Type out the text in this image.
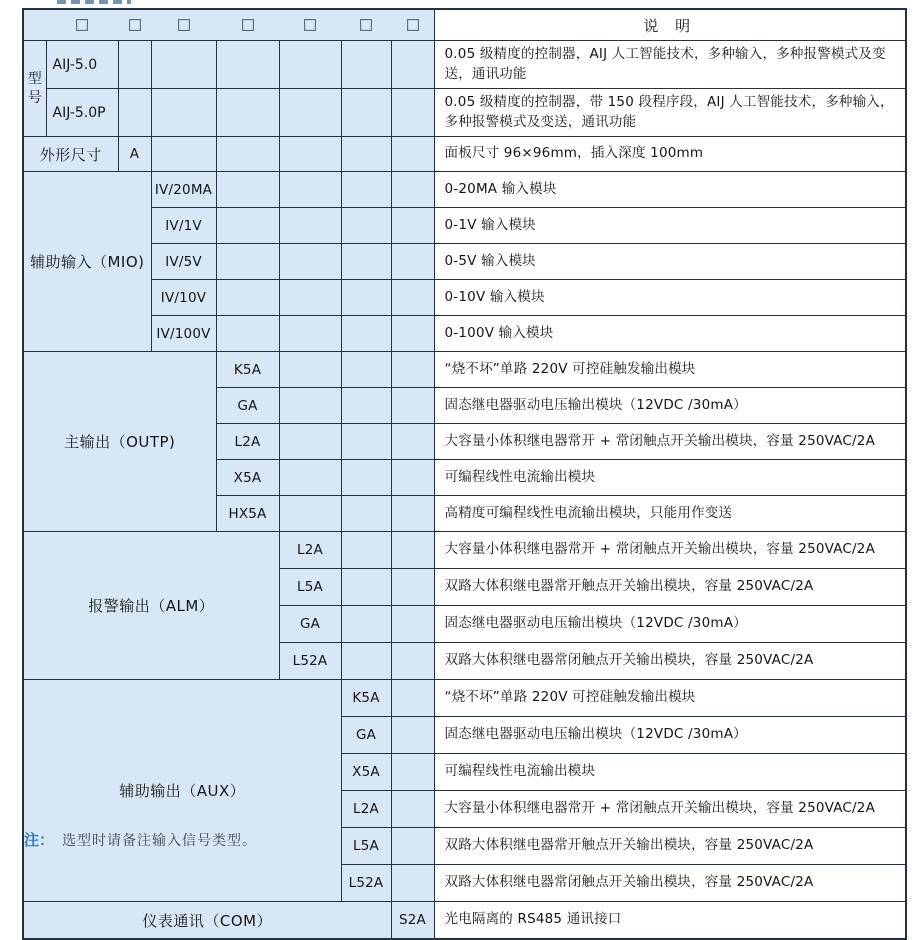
								说 明
型号	AIJ-5.0							0.05 级精度的控制器，AIJ 人工智能技术，多种输入，多种报警模式及变送，通讯功能
	AIJ-5.0P							0.05 级精度的控制器，带 150 段程序段，AIJ 人工智能技术，多种输入，多种报警模式及变送，通讯功能
外形尺寸		A						面板尺寸 96×96mm，插入深度 100mm
辅助输入（MIO)			IV/20MA					0-20MA 输入模块
			IV/1V					0-1V 输入模块
			IV/5V					0-5V 输入模块
			IV/10V					0-10V 输入模块
			IV/100V					0-100V 输入模块
主输出（OUTP)				K5A				“烧不坏”单路 220V 可控硅触发输出模块
				GA				固态继电器驱动电压输出模块（12VDC /30mA）
				L2A				大容量小体积继电器常开 + 常闭触点开关输出模块，容量 250VAC/2A
				X5A				可编程线性电流输出模块
				HX5A				高精度可编程线性电流输出模块，只能用作变送
报警输出（ALM）					L2A			大容量小体积继电器常开 + 常闭触点开关输出模块，容量 250VAC/2A
					L5A			双路大体积继电器常开触点开关输出模块，容量 250VAC/2A
					GA			固态继电器驱动电压输出模块（12VDC /30mA）
					L52A			双路大体积继电器常闭触点开关输出模块，容量 250VAC/2A
辅助输出（AUX）						K5A		“烧不坏”单路 220V 可控硅触发输出模块
						GA		固态继电器驱动电压输出模块（12VDC /30mA）
						X5A		可编程线性电流输出模块
						L2A		大容量小体积继电器常开 + 常闭触点开关输出模块，容量 250VAC/2A
						L5A		双路大体积继电器常开触点开关输出模块，容量 250VAC/2A
						L52A		双路大体积继电器常闭触点开关输出模块，容量 250VAC/2A
仪表通讯（COM）							S2A	光电隔离的 RS485 通讯接口
注： 选型时请备注输入信号类型。
